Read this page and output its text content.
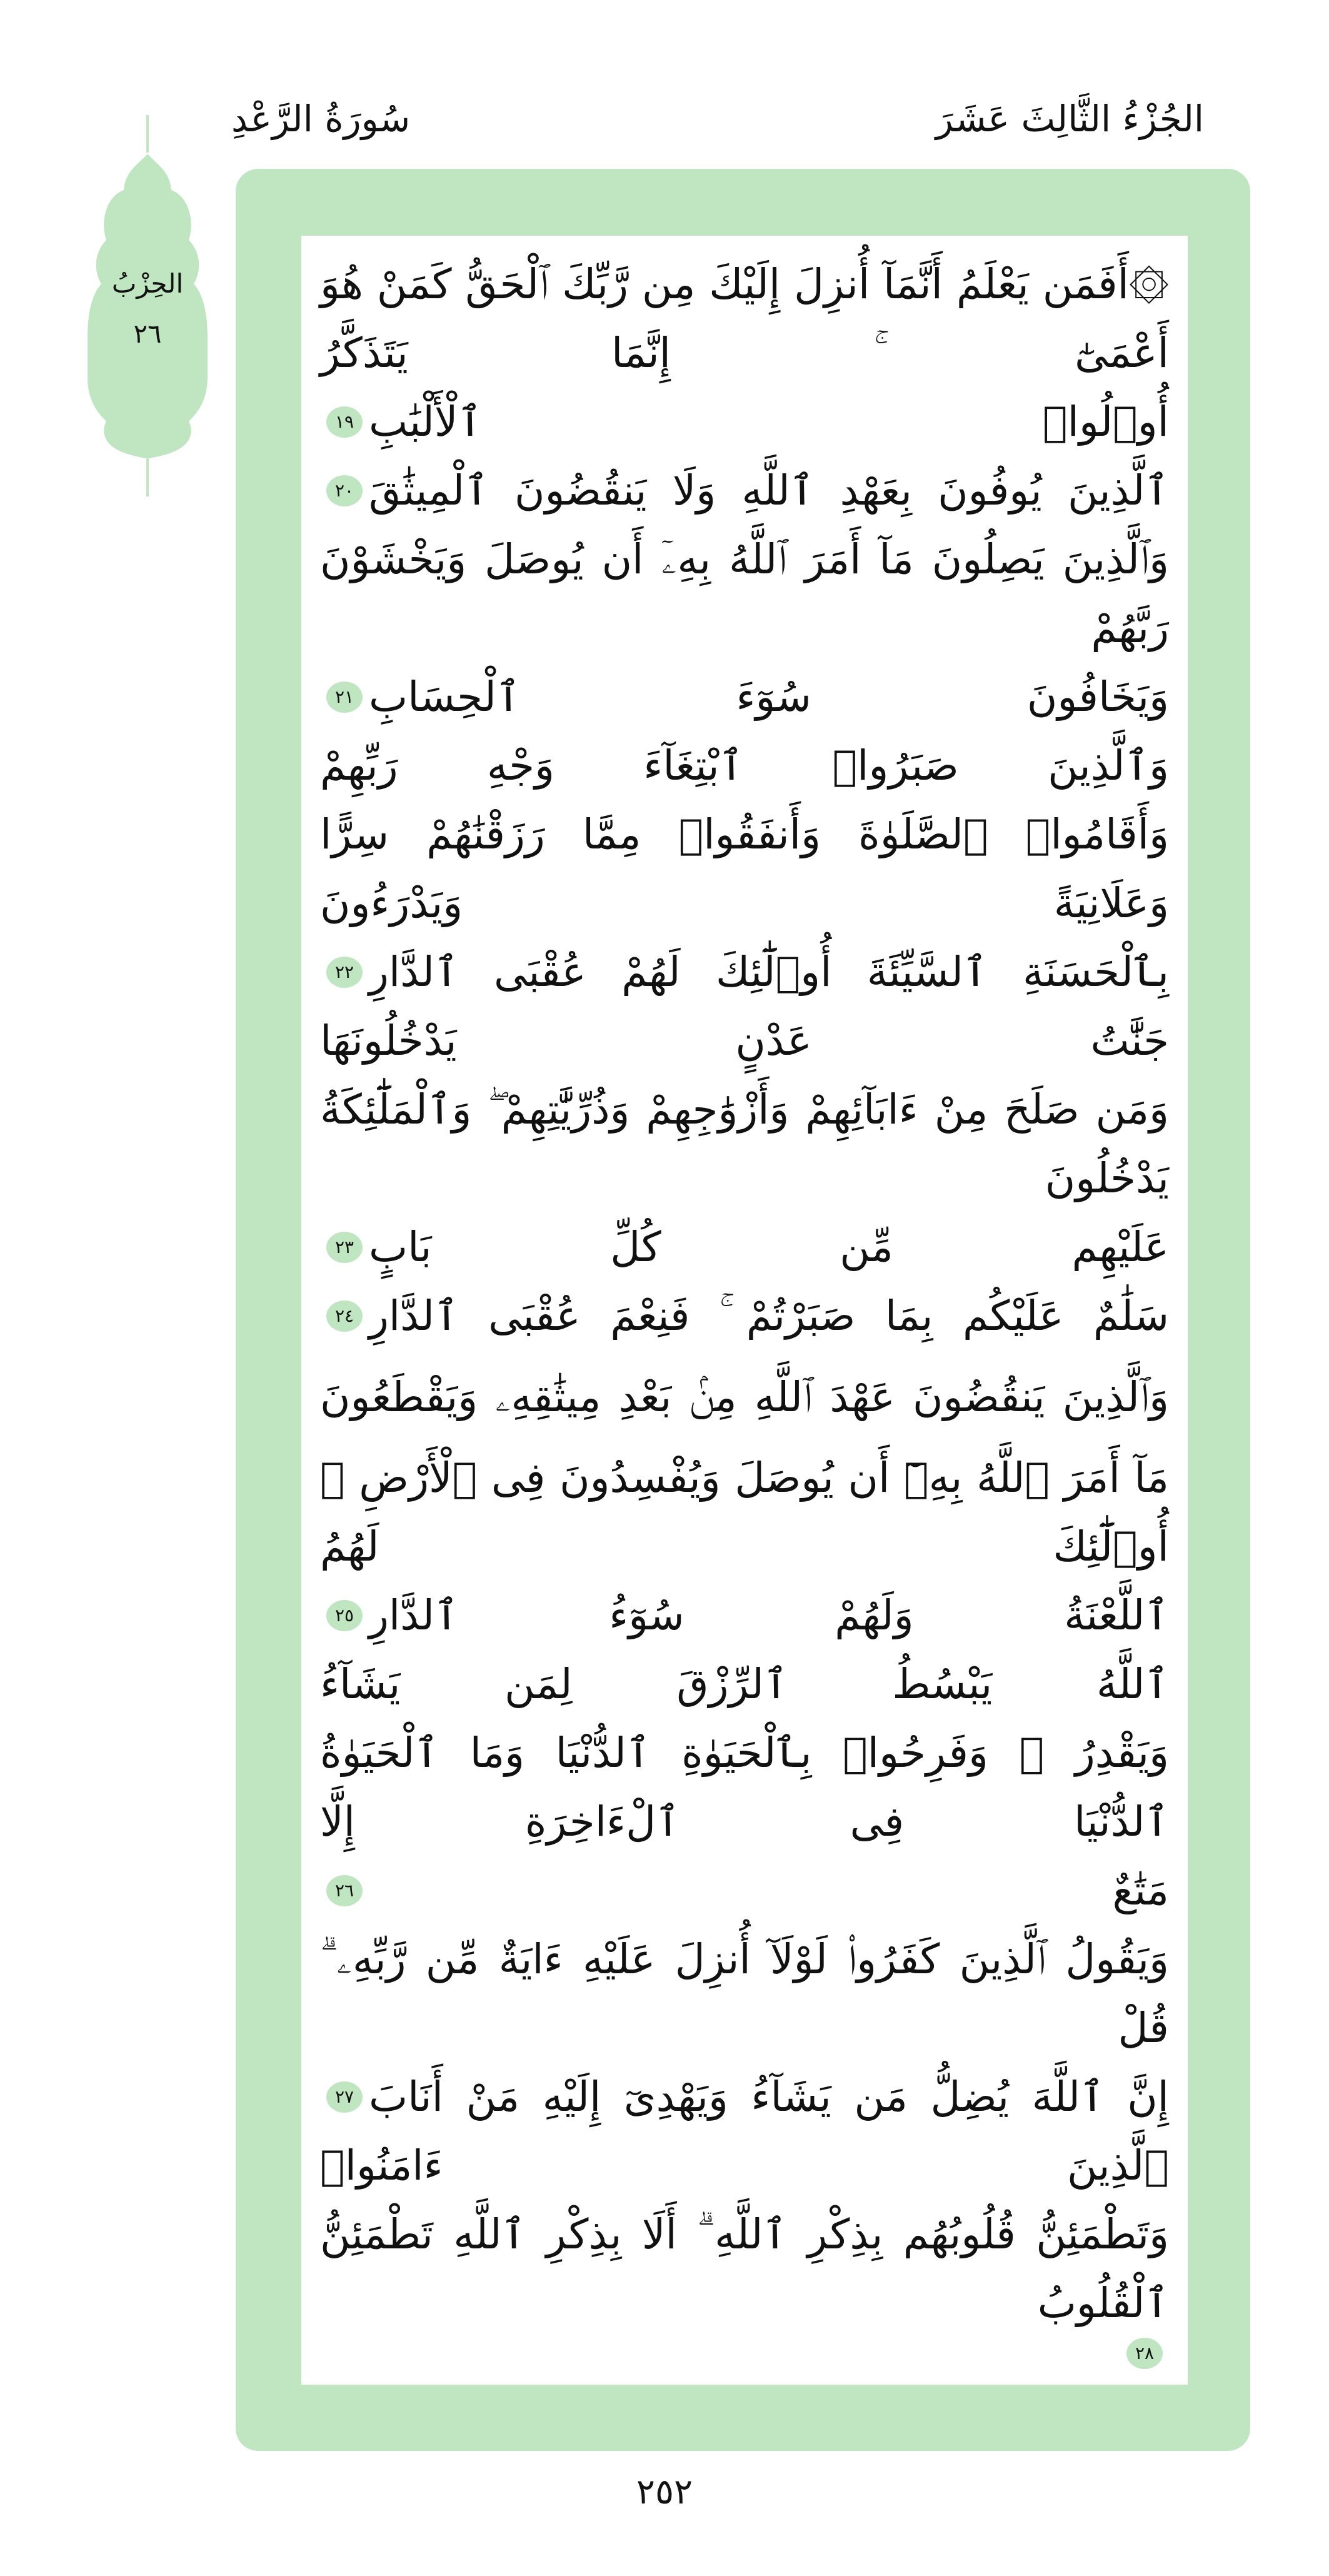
الجُزْءُ الثَّالِثَ عَشَرَ
سُورَةُ الرَّعْدِ
الحِزْبُ
٢٦
۞أَفَمَن يَعْلَمُ أَنَّمَآ أُنزِلَ إِلَيْكَ مِن رَّبِّكَ ٱلْحَقُّ كَمَنْ هُوَ أَعْمَىٰٓ ۚ إِنَّمَا يَتَذَكَّرُ
أُو۟لُوا۟ ٱلْأَلْبَٰبِ
١٩
ٱلَّذِينَ يُوفُونَ بِعَهْدِ ٱللَّهِ وَلَا يَنقُضُونَ ٱلْمِيثَٰقَ
٢٠
وَٱلَّذِينَ يَصِلُونَ مَآ أَمَرَ ٱللَّهُ بِهِۦٓ أَن يُوصَلَ وَيَخْشَوْنَ رَبَّهُمْ
وَيَخَافُونَ سُوٓءَ ٱلْحِسَابِ
٢١
وَٱلَّذِينَ صَبَرُوا۟ ٱبْتِغَآءَ وَجْهِ رَبِّهِمْ
وَأَقَامُوا۟ ٱلصَّلَوٰةَ وَأَنفَقُوا۟ مِمَّا رَزَقْنَٰهُمْ سِرًّا وَعَلَانِيَةً وَيَدْرَءُونَ
بِٱلْحَسَنَةِ ٱلسَّيِّئَةَ أُو۟لَٰٓئِكَ لَهُمْ عُقْبَى ٱلدَّارِ
٢٢
جَنَّٰتُ عَدْنٍ يَدْخُلُونَهَا
وَمَن صَلَحَ مِنْ ءَابَآئِهِمْ وَأَزْوَٰجِهِمْ وَذُرِّيَّٰتِهِمْ ۖ وَٱلْمَلَٰٓئِكَةُ يَدْخُلُونَ
عَلَيْهِم مِّن كُلِّ بَابٍ
٢٣
سَلَٰمٌ عَلَيْكُم بِمَا صَبَرْتُمْ ۚ فَنِعْمَ عُقْبَى ٱلدَّارِ
٢٤
وَٱلَّذِينَ يَنقُضُونَ عَهْدَ ٱللَّهِ مِنۢ بَعْدِ مِيثَٰقِهِۦ وَيَقْطَعُونَ
مَآ أَمَرَ ٱللَّهُ بِهِۦٓ أَن يُوصَلَ وَيُفْسِدُونَ فِى ٱلْأَرْضِ ۙ أُو۟لَٰٓئِكَ لَهُمُ
ٱللَّعْنَةُ وَلَهُمْ سُوٓءُ ٱلدَّارِ
٢٥
ٱللَّهُ يَبْسُطُ ٱلرِّزْقَ لِمَن يَشَآءُ
وَيَقْدِرُ ۚ وَفَرِحُوا۟ بِٱلْحَيَوٰةِ ٱلدُّنْيَا وَمَا ٱلْحَيَوٰةُ ٱلدُّنْيَا فِى ٱلْءَاخِرَةِ إِلَّا
مَتَٰعٌ
٢٦
وَيَقُولُ ٱلَّذِينَ كَفَرُوا۟ لَوْلَآ أُنزِلَ عَلَيْهِ ءَايَةٌ مِّن رَّبِّهِۦ ۗ قُلْ
إِنَّ ٱللَّهَ يُضِلُّ مَن يَشَآءُ وَيَهْدِىٓ إِلَيْهِ مَنْ أَنَابَ
٢٧
ٱلَّذِينَ ءَامَنُوا۟
وَتَطْمَئِنُّ قُلُوبُهُم بِذِكْرِ ٱللَّهِ ۗ أَلَا بِذِكْرِ ٱللَّهِ تَطْمَئِنُّ ٱلْقُلُوبُ
٢٨
٢٥٢
